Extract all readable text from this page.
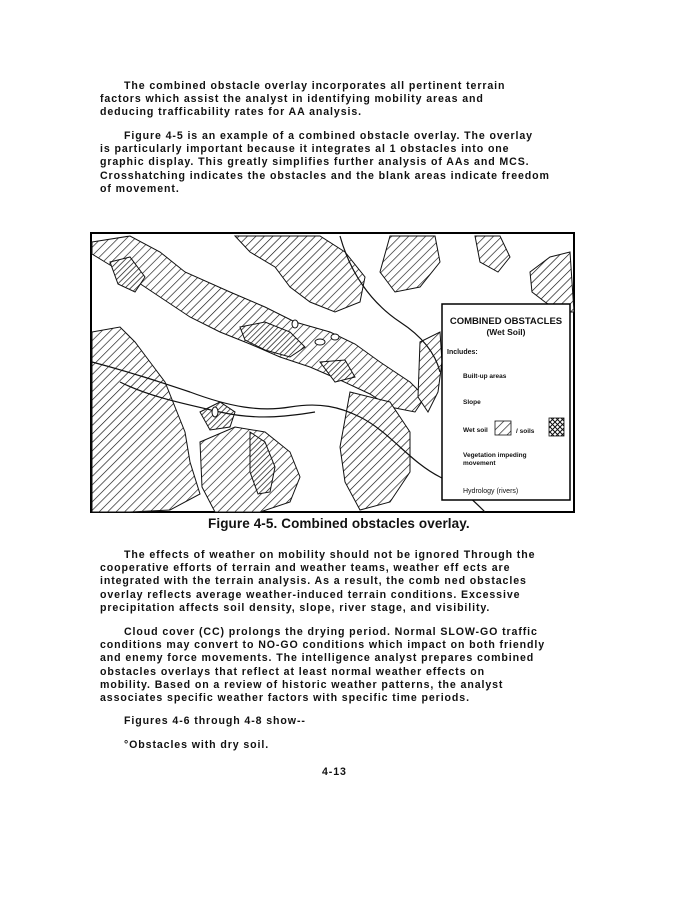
The combined obstacle overlay incorporates all pertinent terrain
factors which assist the analyst in identifying mobility areas and
deducing trafficability rates for AA analysis.
Figure 4-5 is an example of a combined obstacle overlay. The overlay
is particularly important because it integrates al 1 obstacles into one
graphic display. This greatly simplifies further analysis of AAs and MCS.
Crosshatching indicates the obstacles and the blank areas indicate freedom
of movement.
COMBINED OBSTACLES
(Wet Soil)
Includes:
Built-up areas
Slope
Wet soil	/ soils
Vegetation impeding
movement
Hydrology (rivers)
Figure 4-5. Combined obstacles overlay.
The effects of weather on mobility should not be ignored Through the
cooperative efforts of terrain and weather teams, weather eff ects are
integrated with the terrain analysis. As a result, the comb ned obstacles
overlay reflects average weather-induced terrain conditions. Excessive
precipitation affects soil density, slope, river stage, and visibility.
Cloud cover (CC) prolongs the drying period. Normal SLOW-GO traffic
conditions may convert to NO-GO conditions which impact on both friendly
and enemy force movements. The intelligence analyst prepares combined
obstacles overlays that reflect at least normal weather effects on
mobility. Based on a review of historic weather patterns, the analyst
associates specific weather factors with specific time periods.
Figures 4-6 through 4-8 show--
°Obstacles with dry soil.
4-13
